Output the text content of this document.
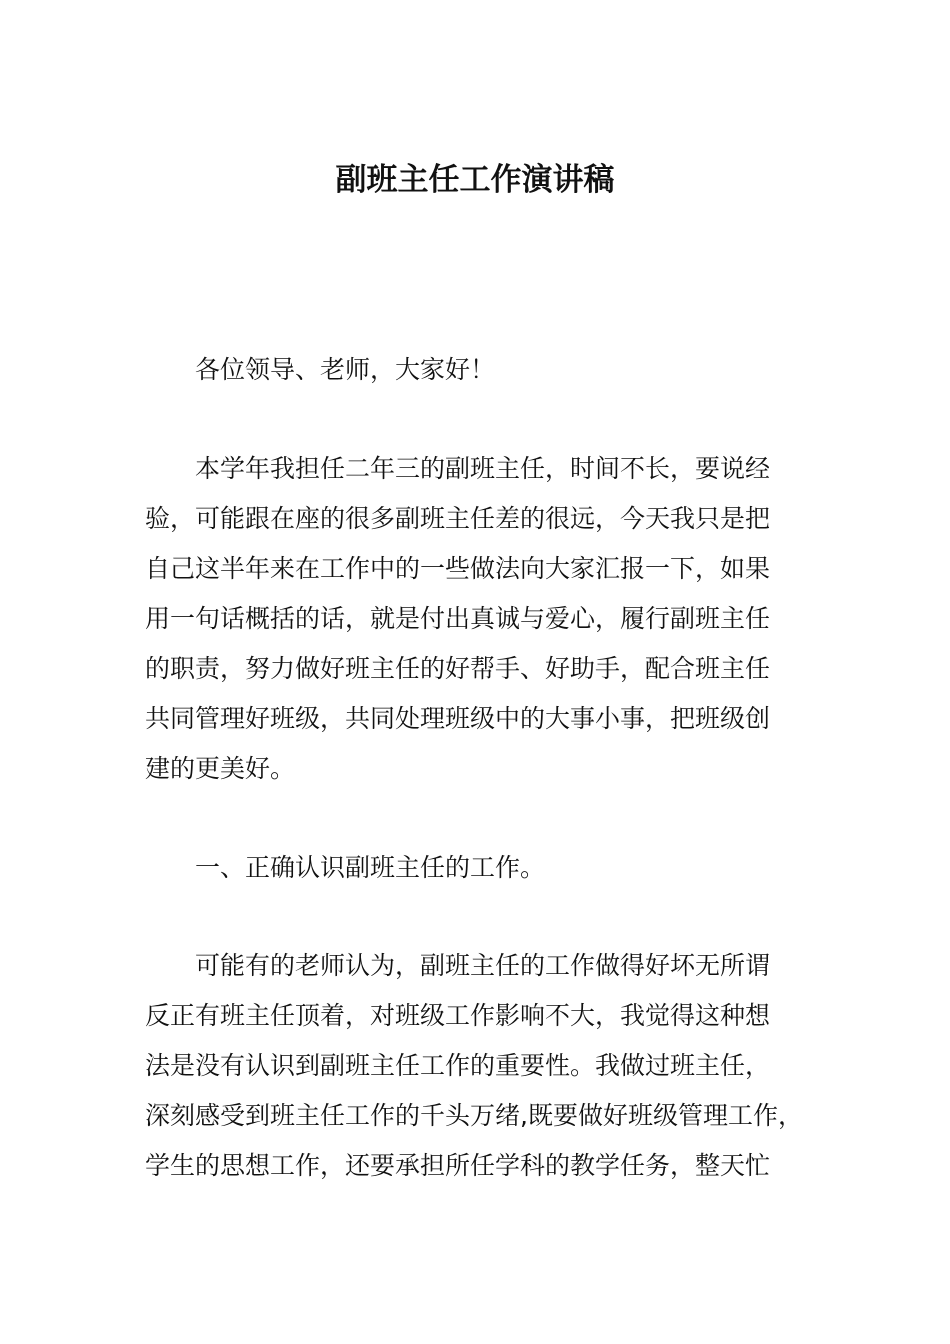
副班主任工作演讲稿
各位领导、老师，大家好！
本学年我担任二年三的副班主任，时间不长，要说经
验，可能跟在座的很多副班主任差的很远，今天我只是把
自己这半年来在工作中的一些做法向大家汇报一下，如果
用一句话概括的话，就是付出真诚与爱心，履行副班主任
的职责，努力做好班主任的好帮手、好助手，配合班主任
共同管理好班级，共同处理班级中的大事小事，把班级创
建的更美好。
一、正确认识副班主任的工作。
可能有的老师认为，副班主任的工作做得好坏无所谓
反正有班主任顶着，对班级工作影响不大，我觉得这种想
法是没有认识到副班主任工作的重要性。我做过班主任，
深刻感受到班主任工作的千头万绪,既要做好班级管理工作，
学生的思想工作，还要承担所任学科的教学任务，整天忙
